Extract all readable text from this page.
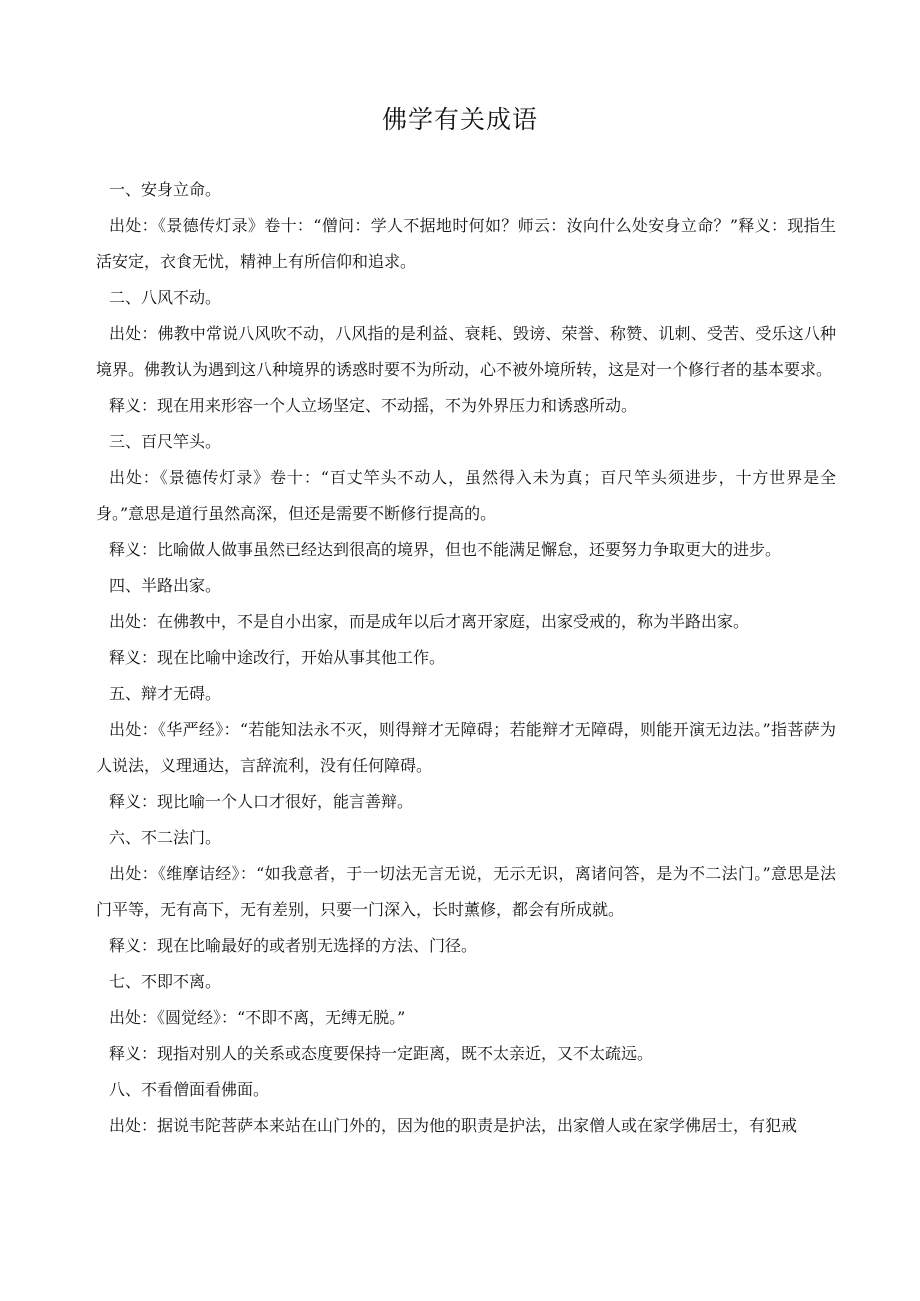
佛学有关成语

一、安身立命。

出处：《景德传灯录》卷十：“僧问：学人不据地时何如？师云：汝向什么处安身立命？”释义：现指生活安定，衣食无忧，精神上有所信仰和追求。

二、八风不动。

出处：佛教中常说八风吹不动，八风指的是利益、衰耗、毁谤、荣誉、称赞、讥刺、受苦、受乐这八种境界。佛教认为遇到这八种境界的诱惑时要不为所动，心不被外境所转，这是对一个修行者的基本要求。

释义：现在用来形容一个人立场坚定、不动摇，不为外界压力和诱惑所动。

三、百尺竿头。

出处：《景德传灯录》卷十：“百丈竿头不动人，虽然得入未为真；百尺竿头须进步，十方世界是全身。”意思是道行虽然高深，但还是需要不断修行提高的。

释义：比喻做人做事虽然已经达到很高的境界，但也不能满足懈怠，还要努力争取更大的进步。

四、半路出家。

出处：在佛教中，不是自小出家，而是成年以后才离开家庭，出家受戒的，称为半路出家。

释义：现在比喻中途改行，开始从事其他工作。

五、辩才无碍。

出处：《华严经》：“若能知法永不灭，则得辩才无障碍；若能辩才无障碍，则能开演无边法。”指菩萨为人说法，义理通达，言辞流利，没有任何障碍。

释义：现比喻一个人口才很好，能言善辩。

六、不二法门。

出处：《维摩诘经》：“如我意者，于一切法无言无说，无示无识，离诸问答，是为不二法门。”意思是法门平等，无有高下，无有差别，只要一门深入，长时薰修，都会有所成就。

释义：现在比喻最好的或者别无选择的方法、门径。

七、不即不离。

出处：《圆觉经》：“不即不离，无缚无脱。”

释义：现指对别人的关系或态度要保持一定距离，既不太亲近，又不太疏远。

八、不看僧面看佛面。

出处：据说韦陀菩萨本来站在山门外的，因为他的职责是护法，出家僧人或在家学佛居士，有犯戒
